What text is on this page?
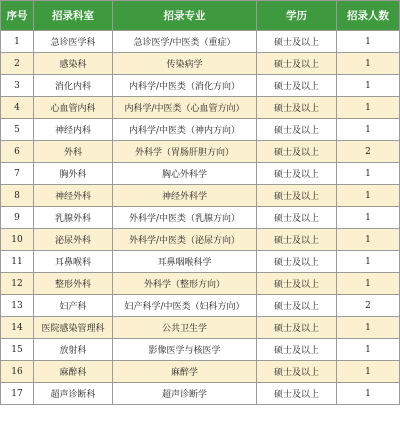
序号	招录科室	招录专业	学历	招录人数
1	急诊医学科	急诊医学/中医类（重症）	硕士及以上	1
2	感染科	传染病学	硕士及以上	1
3	消化内科	内科学/中医类（消化方向）	硕士及以上	1
4	心血管内科	内科学/中医类（心血管方向）	硕士及以上	1
5	神经内科	内科学/中医类（神内方向）	硕士及以上	1
6	外科	外科学（胃肠肝胆方向）	硕士及以上	2
7	胸外科	胸心外科学	硕士及以上	1
8	神经外科	神经外科学	硕士及以上	1
9	乳腺外科	外科学/中医类（乳腺方向）	硕士及以上	1
10	泌尿外科	外科学/中医类（泌尿方向）	硕士及以上	1
11	耳鼻喉科	耳鼻咽喉科学	硕士及以上	1
12	整形外科	外科学（整形方向）	硕士及以上	1
13	妇产科	妇产科学/中医类（妇科方向）	硕士及以上	2
14	医院感染管理科	公共卫生学	硕士及以上	1
15	放射科	影像医学与核医学	硕士及以上	1
16	麻醉科	麻醉学	硕士及以上	1
17	超声诊断科	超声诊断学	硕士及以上	1
